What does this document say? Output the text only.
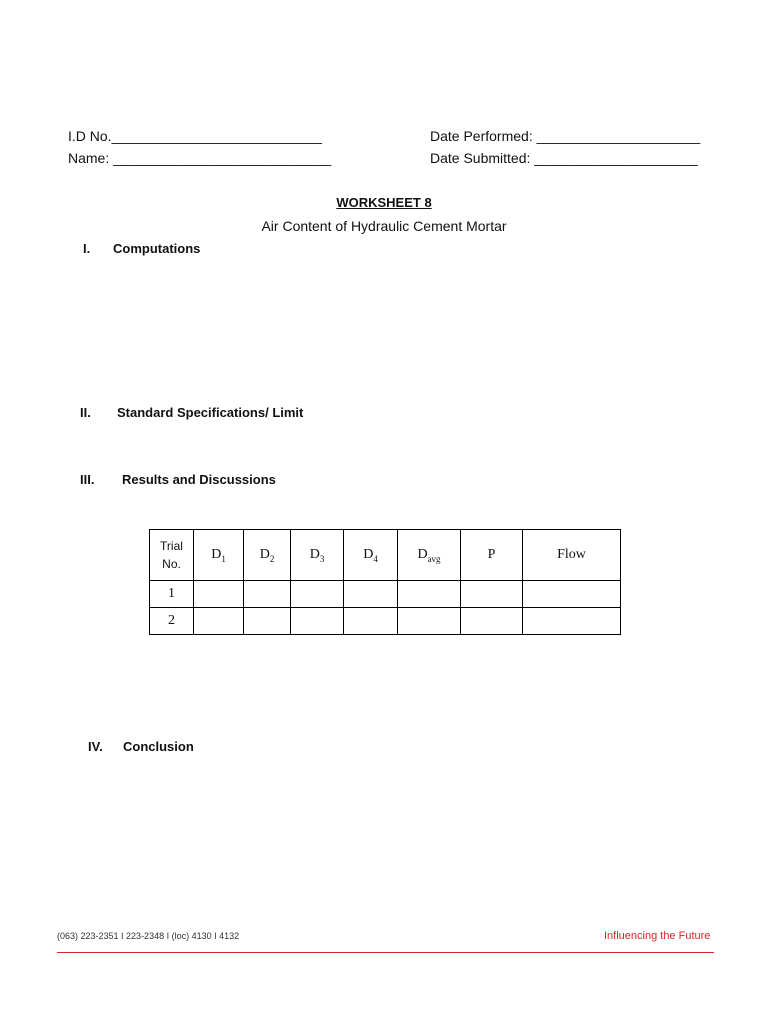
I.D No.___________________________
Name: ____________________________
Date Performed: _____________________
Date Submitted: _____________________
WORKSHEET 8
Air Content of Hydraulic Cement Mortar
I. Computations
II. Standard Specifications/ Limit
III. Results and Discussions
IV. Conclusion
Trial
No.	$D_1$	$D_2$	$D_3$	$D_4$	$D_{avg}$	P	Flow
1							
2							
(063) 223-2351 I 223-2348 I (loc) 4130 I 4132	Influencing the Future
